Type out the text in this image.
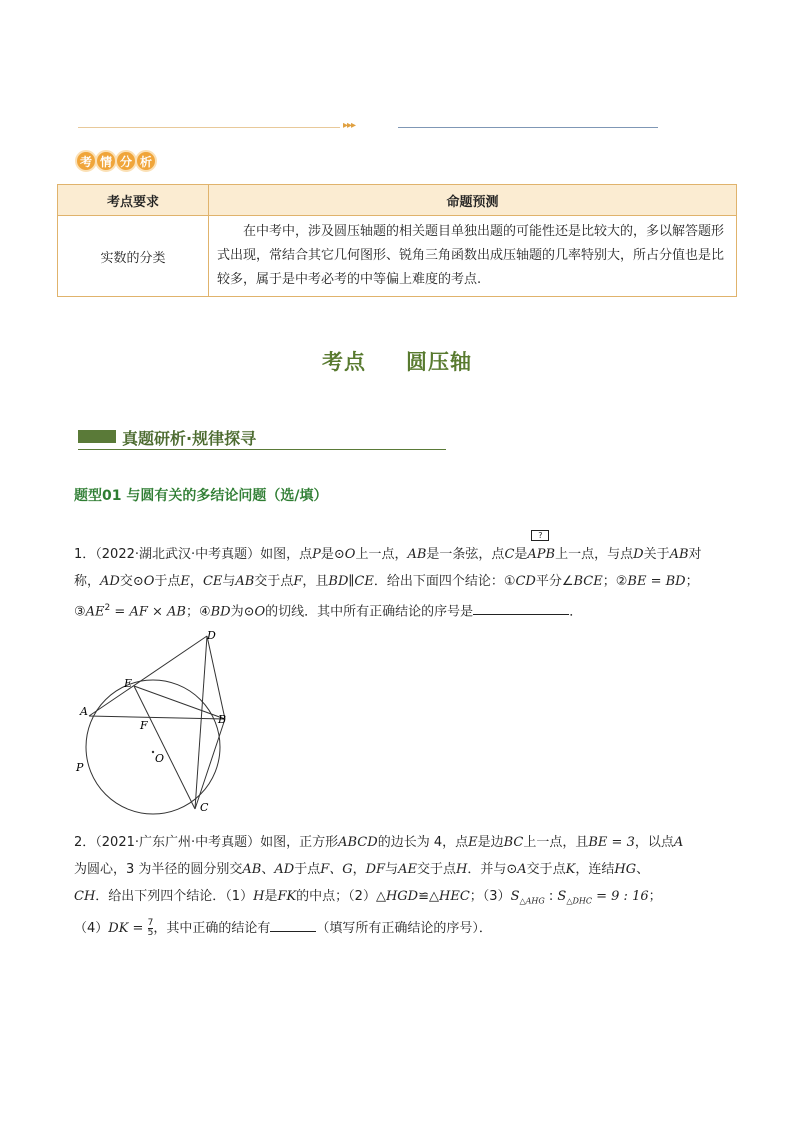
▸▸▸
考 情 分 析
考点要求	命题预测
实数的分类	在中考中，涉及圆压轴题的相关题目单独出题的可能性还是比较大的，多以解答题形式出现，常结合其它几何图形、锐角三角函数出成压轴题的几率特别大，所占分值也是比较多，属于是中考必考的中等偏上难度的考点.
考点 圆压轴
真题研析·规律探寻
题型01 与圆有关的多结论问题（选/填）
1．（2022·湖北武汉·中考真题）如图，点P是⊙O上一点，AB是一条弦，点C是
?
APB上一点，与点D关于AB对称，AD交⊙O于点E，CE与AB交于点F，且BD∥CE．给出下面四个结论：①CD平分∠BCE；②BE = BD；$③AE^2$ = AF × AB；④BD为⊙O的切线．其中所有正确结论的序号是	．
D
E
A
F	B
O
P
C
2．（2021·广东广州·中考真题）如图，正方形ABCD的边长为 4，点E是边BC上一点，且BE = 3，以点A
为圆心，3 为半径的圆分别交AB、AD于点F、G，DF与AE交于点H．并与⊙A交于点K，连结HG、
CH．给出下列四个结论．（1）H是FK的中点；（2）△HGD≌△HEC；$(3)S_{\triangle AHG}$ : $S_{\triangle DHC} = 9$ : 16；
$(4)DK = \frac{7}{5}$ ，其中正确的结论有	（填写所有正确结论的序号）．
